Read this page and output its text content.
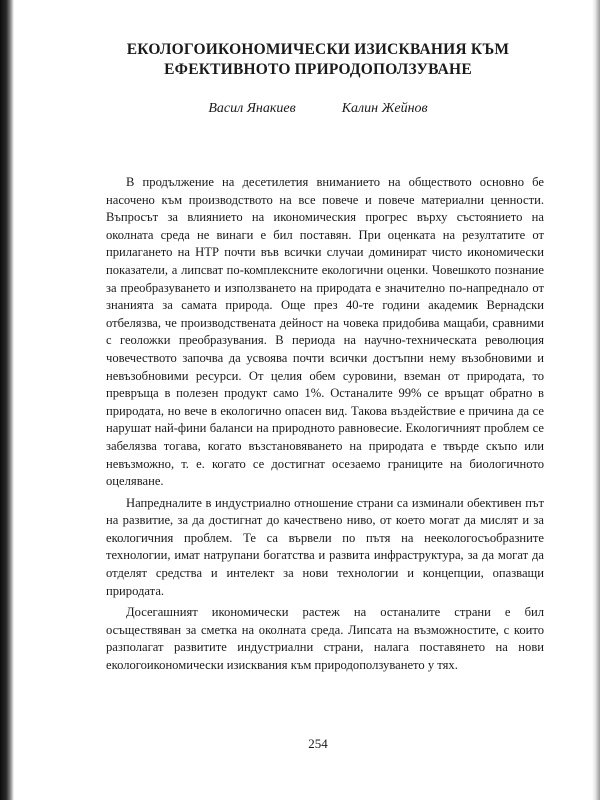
ЕКОЛОГОИКОНОМИЧЕСКИ ИЗИСКВАНИЯ КЪМ
ЕФЕКТИВНОТО ПРИРОДОПОЛЗУВАНЕ
Васил Янакиев	Калин Жейнов

В продължение на десетилетия вниманието на обществото основно бе насочено към производството на все повече и повече материални ценности. Въпросът за влиянието на икономическия прогрес върху състоянието на околната среда не винаги е бил поставян. При оценката на резултатите от прилагането на НТР почти във всички случаи доминират чисто икономически показатели, а липсват по-комплексните екологични оценки. Човешкото познание за преобразуването и използването на природата е значително по-напреднало от знанията за самата природа. Още през 40-те години академик Вернадски отбелязва, че производствената дейност на човека придобива мащаби, сравними с геоложки преобразувания. В периода на научно-техническата революция човечеството започва да усвоява почти всички достъпни нему възобновими и невъзобновими ресурси. От целия обем суровини, вземан от природата, то превръща в полезен продукт само 1%. Останалите 99% се връщат обратно в природата, но вече в екологично опасен вид. Такова въздействие е причина да се нарушат най-фини баланси на природното равновесие. Екологичният проблем се забелязва тогава, когато възстановяването на природата е твърде скъпо или невъзможно, т. е. когато се достигнат осезаемо границите на биологичното оцеляване.

Напредналите в индустриално отношение страни са изминали обективен път на развитие, за да достигнат до качествено ниво, от което могат да мислят и за екологичния проблем. Те са вървели по пътя на неекологосъобразните технологии, имат натрупани богатства и развита инфраструктура, за да могат да отделят средства и интелект за нови технологии и концепции, опазващи природата.

Досегашният икономически растеж на останалите страни е бил осъществяван за сметка на околната среда. Липсата на възможностите, с които разполагат развитите индустриални страни, налага поставянето на нови екологоикономически изисквания към природоползуването у тях.

254
